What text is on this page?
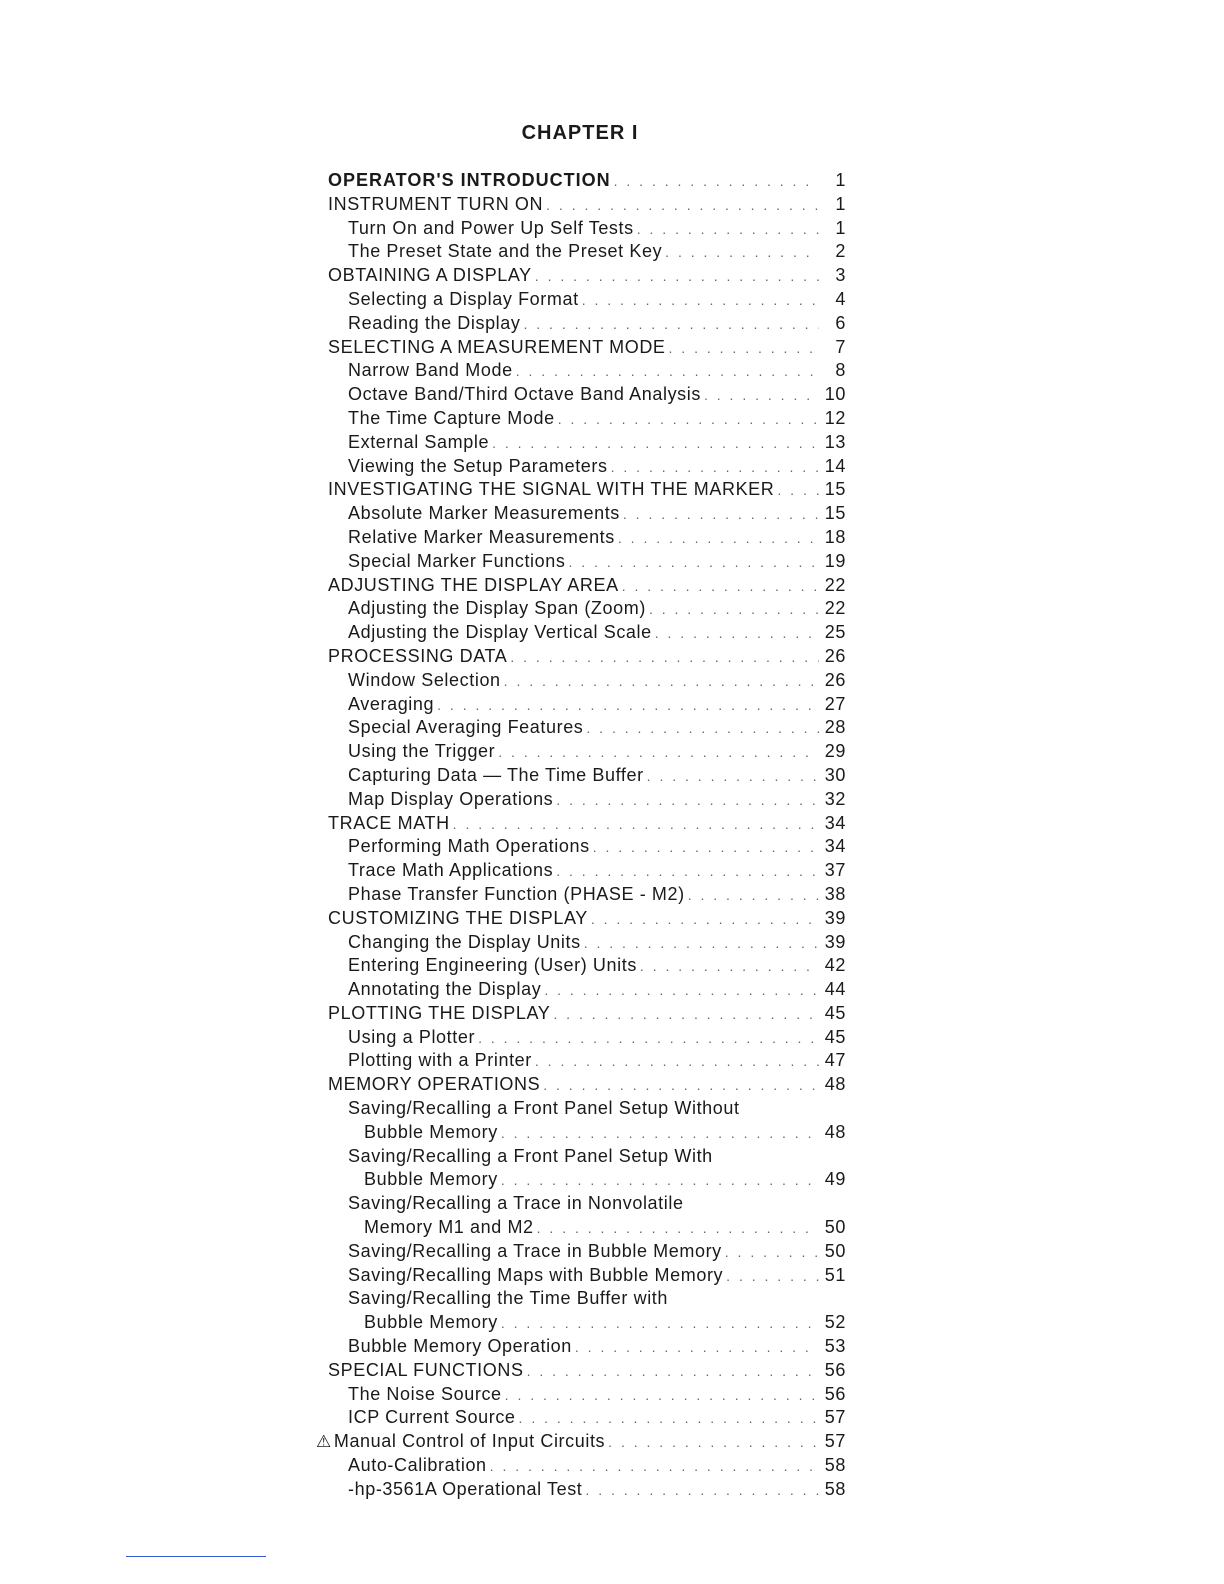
CHAPTER I
OPERATOR'S INTRODUCTION . . .	1
INSTRUMENT TURN ON . . .	1
Turn On and Power Up Self Tests . . .	1
The Preset State and the Preset Key . . .	2
OBTAINING A DISPLAY . . .	3
Selecting a Display Format . . .	4
Reading the Display . . .	6
SELECTING A MEASUREMENT MODE . . .	7
Narrow Band Mode . . .	8
Octave Band/Third Octave Band Analysis . . .	10
The Time Capture Mode . . .	12
External Sample . . .	13
Viewing the Setup Parameters . . .	14
INVESTIGATING THE SIGNAL WITH THE MARKER . . .	15
Absolute Marker Measurements . . .	15
Relative Marker Measurements . . .	18
Special Marker Functions . . .	19
ADJUSTING THE DISPLAY AREA . . .	22
Adjusting the Display Span (Zoom) . . .	22
Adjusting the Display Vertical Scale . . .	25
PROCESSING DATA . . .	26
Window Selection . . .	26
Averaging . . .	27
Special Averaging Features . . .	28
Using the Trigger . . .	29
Capturing Data — The Time Buffer . . .	30
Map Display Operations . . .	32
TRACE MATH . . .	34
Performing Math Operations . . .	34
Trace Math Applications . . .	37
Phase Transfer Function (PHASE - M2) . . .	38
CUSTOMIZING THE DISPLAY . . .	39
Changing the Display Units . . .	39
Entering Engineering (User) Units . . .	42
Annotating the Display . . .	44
PLOTTING THE DISPLAY . . .	45
Using a Plotter . . .	45
Plotting with a Printer . . .	47
MEMORY OPERATIONS . . .	48
Saving/Recalling a Front Panel Setup Without
Bubble Memory . . .	48
Saving/Recalling a Front Panel Setup With
Bubble Memory . . .	49
Saving/Recalling a Trace in Nonvolatile
Memory M1 and M2 . . .	50
Saving/Recalling a Trace in Bubble Memory . . .	50
Saving/Recalling Maps with Bubble Memory . . .	51
Saving/Recalling the Time Buffer with
Bubble Memory . . .	52
Bubble Memory Operation . . .	53
SPECIAL FUNCTIONS . . .	56
The Noise Source . . .	56
ICP Current Source . . .	57
⚠ Manual Control of Input Circuits . . .	57
Auto-Calibration . . .	58
-hp-3561A Operational Test . . .	58
